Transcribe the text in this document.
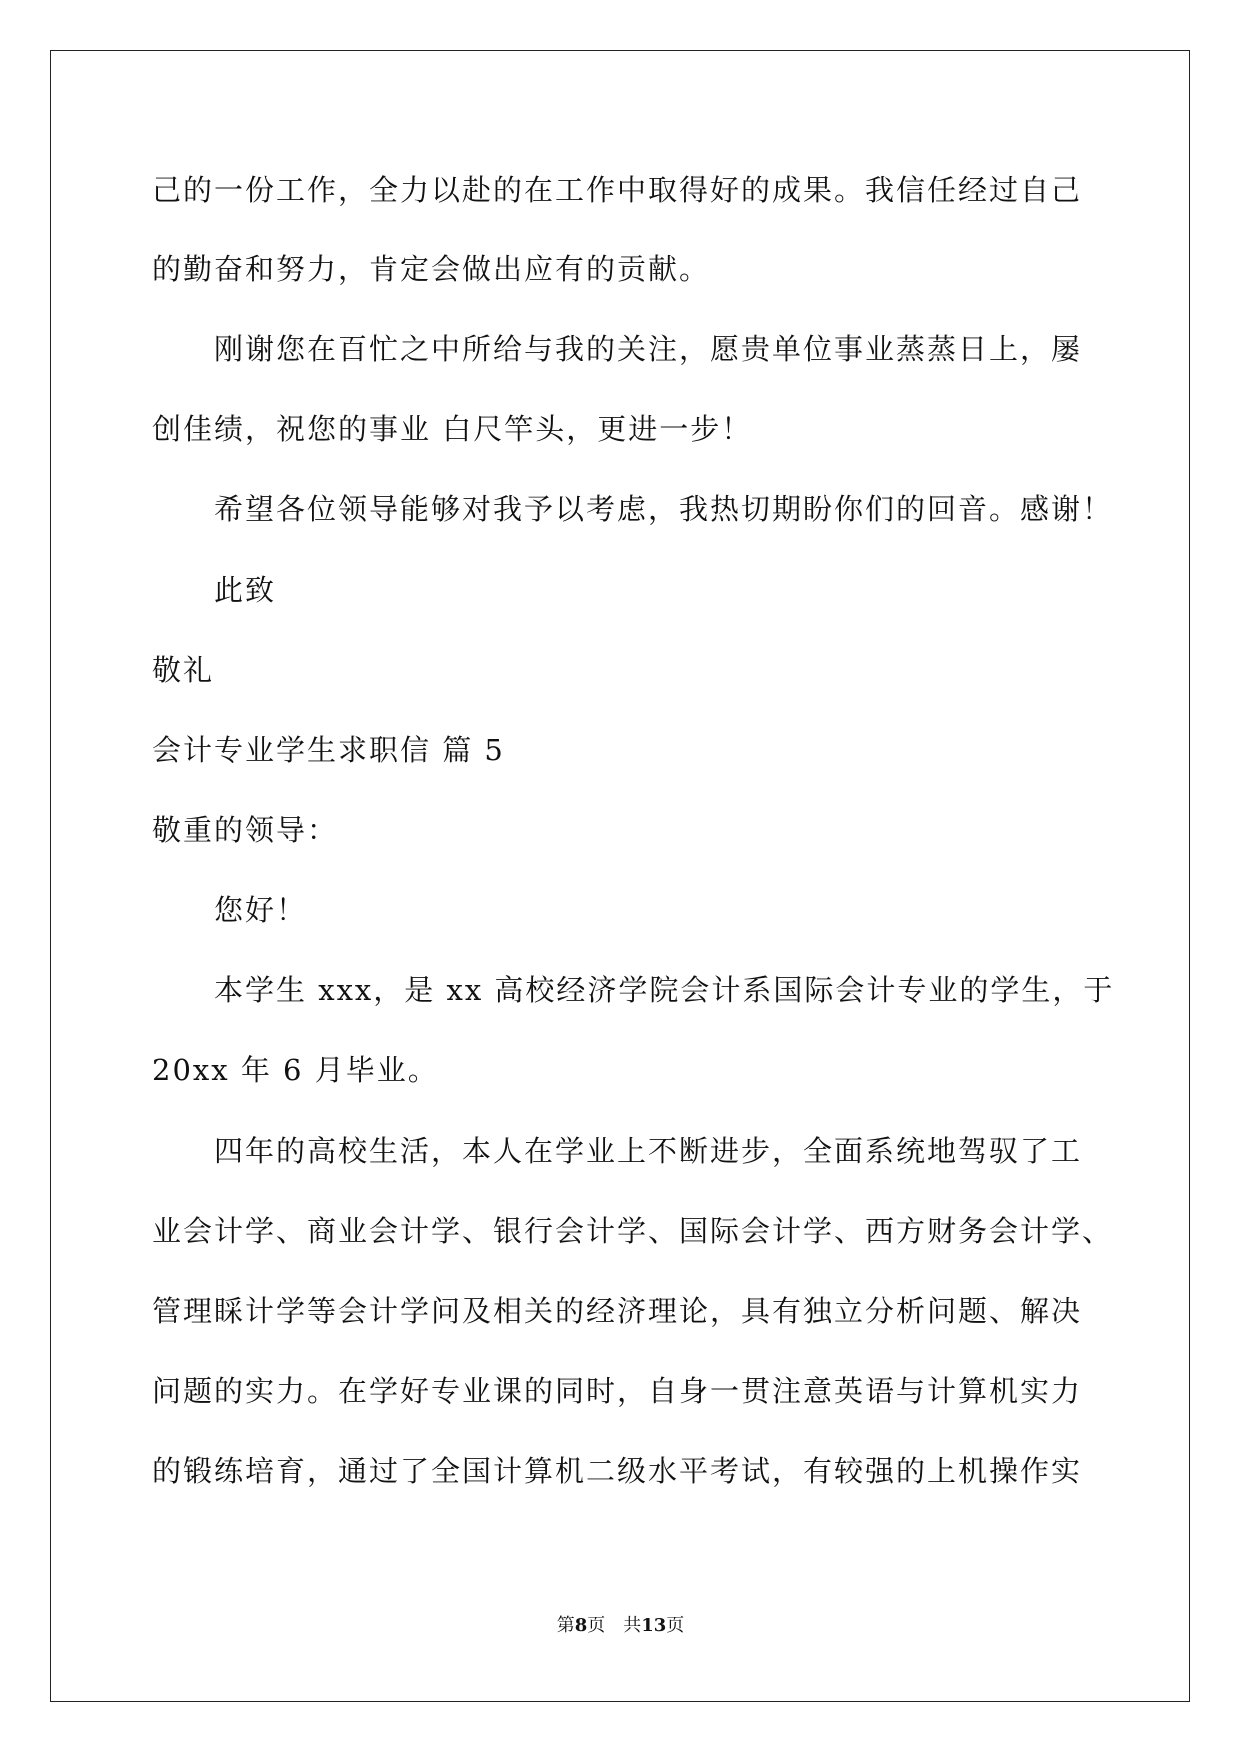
己的一份工作，全力以赴的在工作中取得好的成果。我信任经过自己
的勤奋和努力，肯定会做出应有的贡献。
刚谢您在百忙之中所给与我的关注，愿贵单位事业蒸蒸日上，屡
创佳绩，祝您的事业 白尺竿头，更进一步！
希望各位领导能够对我予以考虑，我热切期盼你们的回音。感谢！
此致
敬礼
会计专业学生求职信 篇 5
敬重的领导：
您好！
本学生 xxx，是 xx 高校经济学院会计系国际会计专业的学生，于
20xx 年 6 月毕业。
四年的高校生活，本人在学业上不断进步，全面系统地驾驭了工
业会计学、商业会计学、银行会计学、国际会计学、西方财务会计学、
管理睬计学等会计学问及相关的经济理论，具有独立分析问题、解决
问题的实力。在学好专业课的同时，自身一贯注意英语与计算机实力
的锻练培育，通过了全国计算机二级水平考试，有较强的上机操作实
第8页　共13页
